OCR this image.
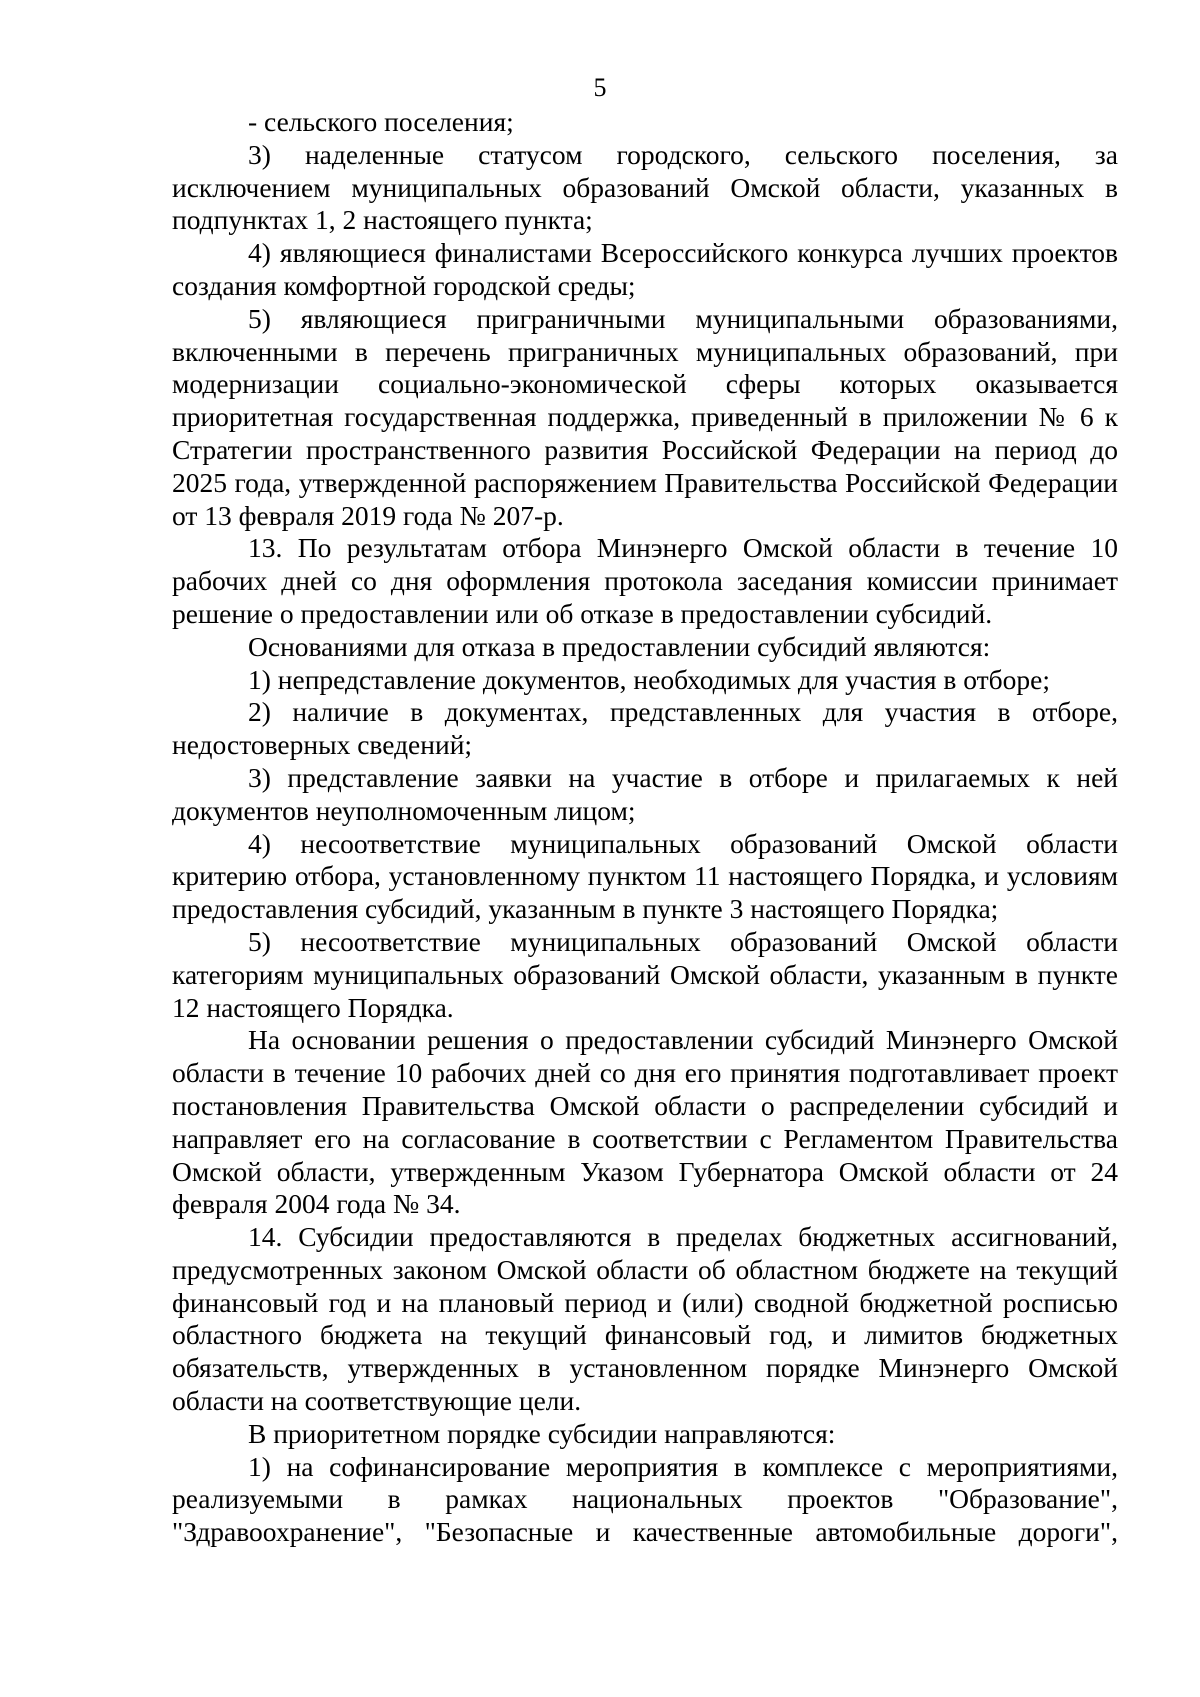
5

- сельского поселения;

3) наделенные статусом городского, сельского поселения, за исключением муниципальных образований Омской области, указанных в подпунктах 1, 2 настоящего пункта;

4) являющиеся финалистами Всероссийского конкурса лучших проектов создания комфортной городской среды;

5) являющиеся приграничными муниципальными образованиями, включенными в перечень приграничных муниципальных образований, при модернизации социально-экономической сферы которых оказывается приоритетная государственная поддержка, приведенный в приложении № 6 к Стратегии пространственного развития Российской Федерации на период до 2025 года, утвержденной распоряжением Правительства Российской Федерации от 13 февраля 2019 года № 207-р.

13. По результатам отбора Минэнерго Омской области в течение 10 рабочих дней со дня оформления протокола заседания комиссии принимает решение о предоставлении или об отказе в предоставлении субсидий.

Основаниями для отказа в предоставлении субсидий являются:

1) непредставление документов, необходимых для участия в отборе;

2) наличие в документах, представленных для участия в отборе, недостоверных сведений;

3) представление заявки на участие в отборе и прилагаемых к ней документов неуполномоченным лицом;

4) несоответствие муниципальных образований Омской области критерию отбора, установленному пунктом 11 настоящего Порядка, и условиям предоставления субсидий, указанным в пункте 3 настоящего Порядка;

5) несоответствие муниципальных образований Омской области категориям муниципальных образований Омской области, указанным в пункте 12 настоящего Порядка.

На основании решения о предоставлении субсидий Минэнерго Омской области в течение 10 рабочих дней со дня его принятия подготавливает проект постановления Правительства Омской области о распределении субсидий и направляет его на согласование в соответствии с Регламентом Правительства Омской области, утвержденным Указом Губернатора Омской области от 24 февраля 2004 года № 34.

14. Субсидии предоставляются в пределах бюджетных ассигнований, предусмотренных законом Омской области об областном бюджете на текущий финансовый год и на плановый период и (или) сводной бюджетной росписью областного бюджета на текущий финансовый год, и лимитов бюджетных обязательств, утвержденных в установленном порядке Минэнерго Омской области на соответствующие цели.

В приоритетном порядке субсидии направляются:

1) на софинансирование мероприятия в комплексе с мероприятиями, реализуемыми в рамках национальных проектов "Образование", "Здравоохранение", "Безопасные и качественные автомобильные дороги",
